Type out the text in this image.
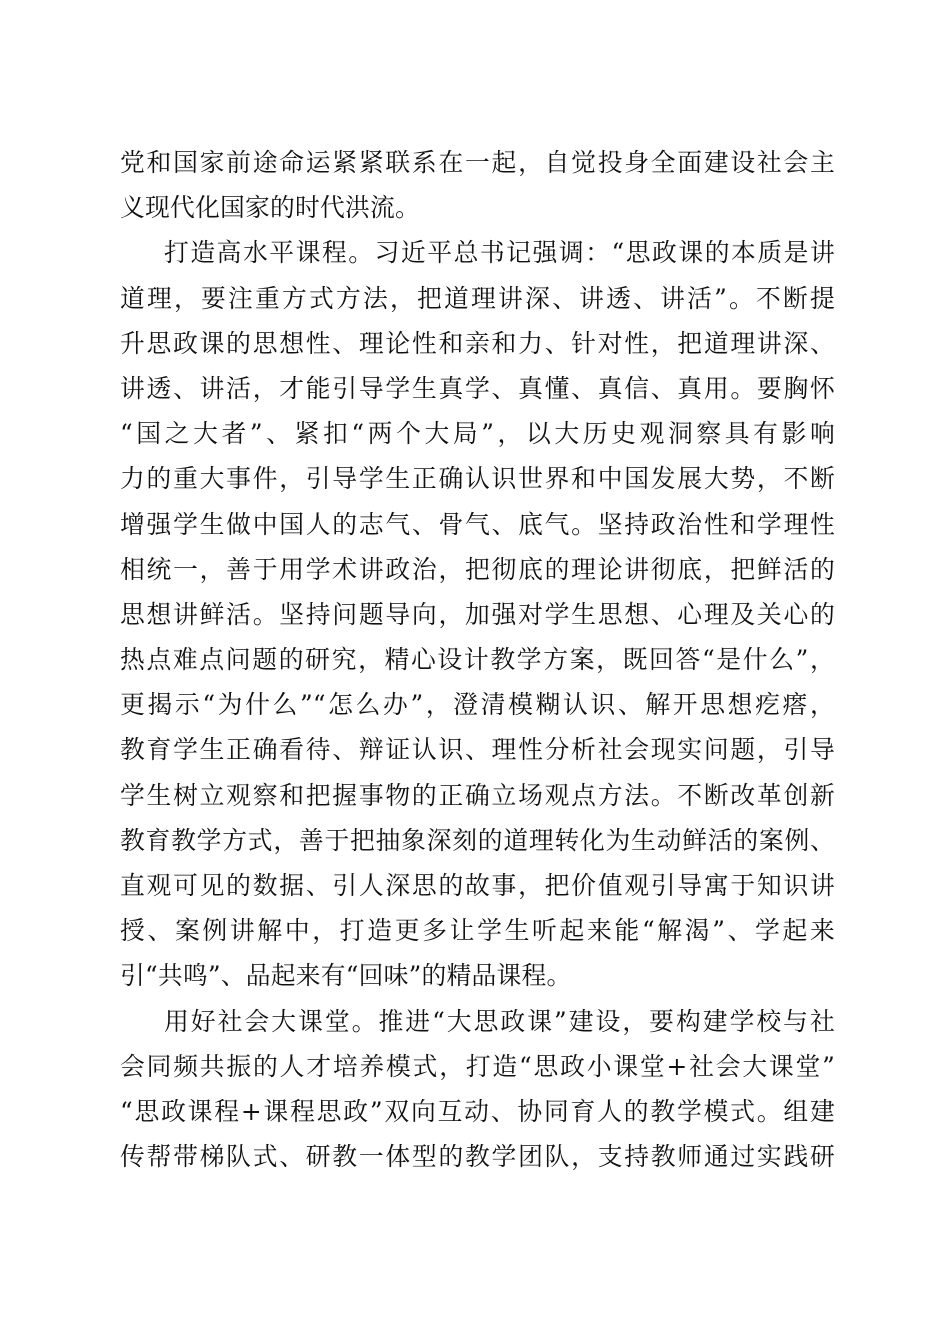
党和国家前途命运紧紧联系在一起，自觉投身全面建设社会主
义现代化国家的时代洪流。
打造高水平课程。习近平总书记强调：“思政课的本质是讲
道理，要注重方式方法，把道理讲深、讲透、讲活”。不断提
升思政课的思想性、理论性和亲和力、针对性，把道理讲深、
讲透、讲活，才能引导学生真学、真懂、真信、真用。要胸怀
“国之大者”、紧扣“两个大局”，以大历史观洞察具有影响
力的重大事件，引导学生正确认识世界和中国发展大势，不断
增强学生做中国人的志气、骨气、底气。坚持政治性和学理性
相统一，善于用学术讲政治，把彻底的理论讲彻底，把鲜活的
思想讲鲜活。坚持问题导向，加强对学生思想、心理及关心的
热点难点问题的研究，精心设计教学方案，既回答“是什么”，
更揭示“为什么”“怎么办”，澄清模糊认识、解开思想疙瘩，
教育学生正确看待、辩证认识、理性分析社会现实问题，引导
学生树立观察和把握事物的正确立场观点方法。不断改革创新
教育教学方式，善于把抽象深刻的道理转化为生动鲜活的案例、
直观可见的数据、引人深思的故事，把价值观引导寓于知识讲
授、案例讲解中，打造更多让学生听起来能“解渴”、学起来
引“共鸣”、品起来有“回味”的精品课程。
用好社会大课堂。推进“大思政课”建设，要构建学校与社
会同频共振的人才培养模式，打造“思政小课堂+社会大课堂”
“思政课程+课程思政”双向互动、协同育人的教学模式。组建
传帮带梯队式、研教一体型的教学团队，支持教师通过实践研
